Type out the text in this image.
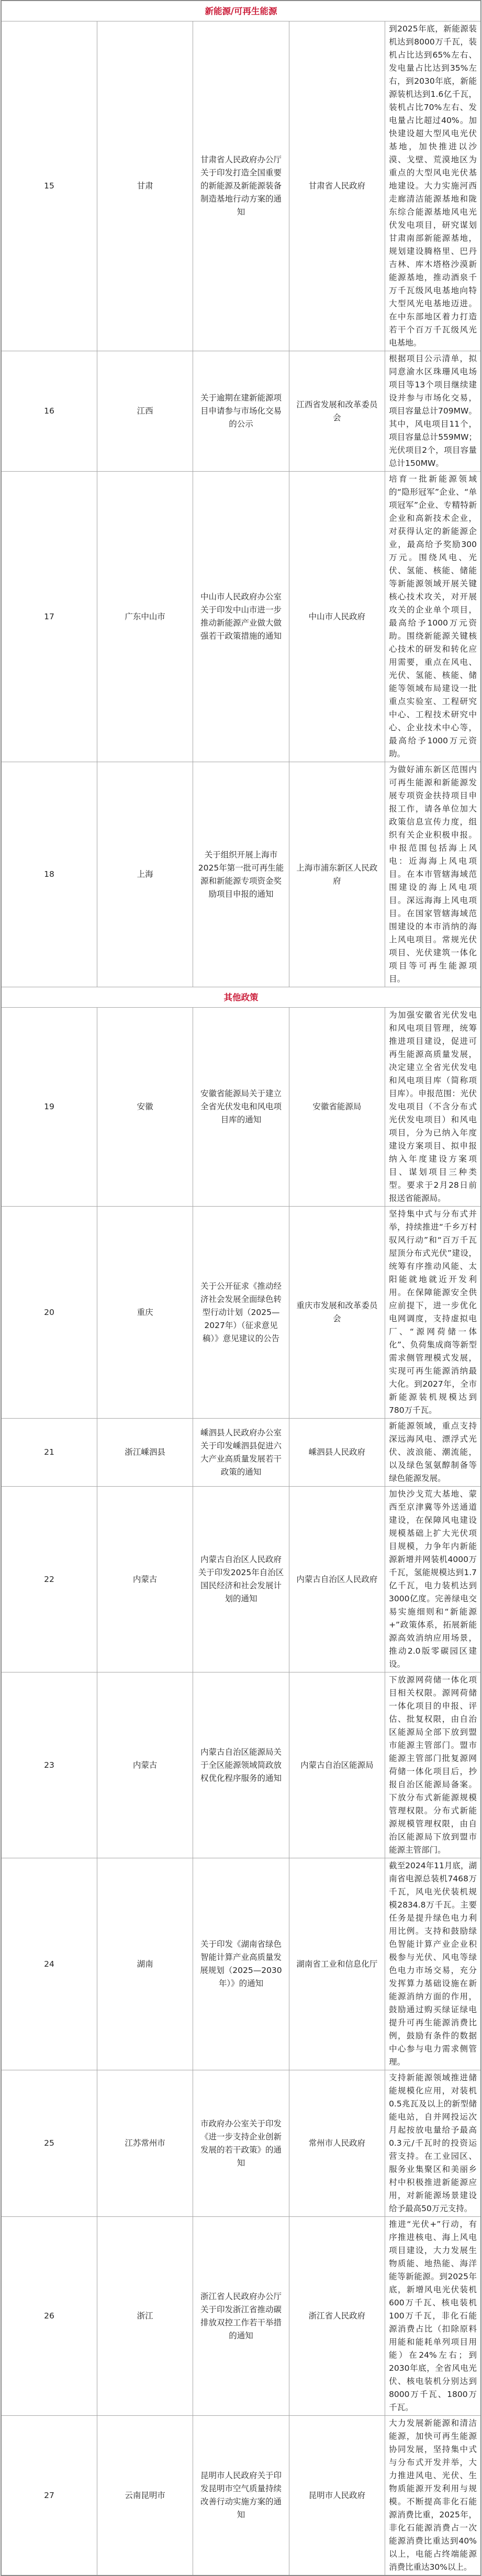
新能源/可再生能源				
15	甘肃	甘肃省人民政府办公厅关于印发打造全国重要的新能源及新能源装备制造基地行动方案的通知	甘肃省人民政府	到2025年底，新能源装机达到8000万千瓦，装机占比达到65%左右、发电量占比达到35%左右，到2030年底，新能源装机达到1.6亿千瓦，装机占比70%左右、发电量占比超过40%。加快建设超大型风电光伏基地，加快推进以沙漠、戈壁、荒漠地区为重点的大型风电光伏基地建设。大力实施河西走廊清洁能源基地和陇东综合能源基地风电光伏发电项目，研究谋划甘肃南部新能源基地，规划建设腾格里、巴丹吉林、库木塔格沙漠新能源基地，推动酒泉千万千瓦级风电基地向特大型风光电基地迈进。在中东部地区着力打造若干个百万千瓦级风光电基地。
16	江西	关于逾期在建新能源项目申请参与市场化交易的公示	江西省发展和改革委员会	根据项目公示清单，拟同意渝水区珠珊风电场项目等13个项目继续建设并参与市场化交易，项目容量总计709MW。其中，风电项目11个，项目容量总计559MW；光伏项目2个，项目容量总计150MW。
17	广东中山市	中山市人民政府办公室关于印发中山市进一步推动新能源产业做大做强若干政策措施的通知	中山市人民政府	培育一批新能源领域的“隐形冠军”企业、“单项冠军”企业、专精特新企业和高新技术企业，对获得认定的新能源企业，最高给予奖励300万元。围绕风电、光伏、氢能、核能、储能等新能源领域开展关键核心技术攻关，对开展攻关的企业单个项目，最高给予1000万元资助。围绕新能源关键核心技术的研发和转化应用需要，重点在风电、光伏、氢能、核能、储能等领域布局建设一批重点实验室、工程研究中心、工程技术研究中心、企业技术中心等，最高给予1000万元资助。
18	上海	关于组织开展上海市2025年第一批可再生能源和新能源专项资金奖励项目申报的通知	上海市浦东新区人民政府	为做好浦东新区范围内可再生能源和新能源发展专项资金扶持项目申报工作，请各单位加大政策信息宣传力度，组织有关企业积极申报。申报范围包括海上风电：近海海上风电项目。在本市管辖海域范围建设的海上风电项目。深远海海上风电项目。在国家管辖海域范围建设的本市消纳的海上风电项目。常规光伏项目、光伏建筑一体化项目等可再生能源项目。
其他政策				
19	安徽	安徽省能源局关于建立全省光伏发电和风电项目库的通知	安徽省能源局	为加强安徽省光伏发电和风电项目管理，统筹推进项目建设，促进可再生能源高质量发展，决定建立全省光伏发电和风电项目库（简称项目库）。申报范围：光伏发电项目（不含分布式光伏发电项目）和风电项目，分为已纳入年度建设方案项目、拟申报纳入年度建设方案项目、谋划项目三种类型。要求于2月28日前报送省能源局。
20	重庆	关于公开征求《推动经济社会发展全面绿色转型行动计划（2025—2027年）（征求意见稿）》意见建议的公告	重庆市发展和改革委员会	坚持集中式与分布式并举，持续推进“千乡万村驭风行动”和“百万千瓦屋顶分布式光伏”建设，统筹有序推动风能、太阳能就地就近开发利用。在保障能源安全供应前提下，进一步优化电网调度，支持虚拟电厂、“源网荷储一体化”、负荷集成商等新型需求侧管理模式发展，实现可再生能源消纳最大化。到2027年，全市新能源装机规模达到780万千瓦。
21	浙江嵊泗县	嵊泗县人民政府办公室关于印发嵊泗县促进六大产业高质量发展若干政策的通知	嵊泗县人民政府	新能源领域，重点支持深远海风电、漂浮式光伏、波浪能、潮流能，以及绿色氢氨醇制备等绿色能源发展。
22	内蒙古	内蒙古自治区人民政府关于印发2025年自治区国民经济和社会发展计划的通知	内蒙古自治区人民政府	加快沙戈荒大基地、蒙西至京津冀等外送通道建设，在保障风电建设规模基础上扩大光伏项目规模，力争年内新能源新增并网装机4000万千瓦，氢能规模达到1.7亿千瓦，电力装机达到3000亿度。完善绿电交易实施细则和“新能源+”政策体系，拓展新能源高效消纳应用场景，推动2.0版零碳园区建设。
23	内蒙古	内蒙古自治区能源局关于全区能源领域简政放权优化程序服务的通知	内蒙古自治区能源局	下放源网荷储一体化项目相关权限。源网荷储一体化项目的申报、评估、批复权限，由自治区能源局全部下放到盟市能源主管部门。盟市能源主管部门批复源网荷储一体化项目后，抄报自治区能源局备案。下放分布式新能源规模管理权限。分布式新能源规模管理权限，由自治区能源局下放到盟市能源主管部门。
24	湖南	关于印发《湖南省绿色智能计算产业高质量发展规划（2025—2030年）》的通知	湖南省工业和信息化厅	截至2024年11月底，湖南省电源总装机7468万千瓦，风电光伏装机规模2834.8万千瓦。主要任务是提升绿色电力利用比例。支持和鼓励绿色智能计算产业企业积极参与光伏、风电等绿色电力市场交易，充分发挥算力基础设施在新能源消纳方面的作用，鼓励通过购买绿证绿电提升可再生能源消费比例，鼓励有条件的数据中心参与电力需求侧管理。
25	江苏常州市	市政府办公室关于印发《进一步支持企业创新发展的若干政策》的通知	常州市人民政府	支持新能源领域推进储能规模化应用，对装机0.5兆瓦及以上的新型储能电站，自并网投运次月起按放电量给予最高0.3元/千瓦时的投资运营支持。在工业园区、服务业集聚区和美丽乡村中积极推进新能源应用，对新能源场景建设给予最高50万元支持。
26	浙江	浙江省人民政府办公厅关于印发浙江省推动碳排放双控工作若干举措的通知	浙江省人民政府	推进“光伏+”行动，有序推进核电、海上风电项目建设，大力发展生物质能、地热能、海洋能等新能源。到2025年底，新增风电光伏装机600万千瓦、核电装机100万千瓦，非化石能源消费占比（扣除原料用能和能耗单列项目用能）在24%左右；到2030年底，全省风电光伏、核电装机分别达到8000万千瓦、1800万千瓦。
27	云南昆明市	昆明市人民政府关于印发昆明市空气质量持续改善行动实施方案的通知	昆明市人民政府	大力发展新能源和清洁能源，加快可再生能源协同发展，坚持集中式与分布式开发并举，大力推进风电、光伏、生物质能源开发利用与规模。不断提高非化石能源消费比重，2025年，非化石能源消费占一次能源消费比重达到40%以上，电能占终端能源消费比重达30%以上。
